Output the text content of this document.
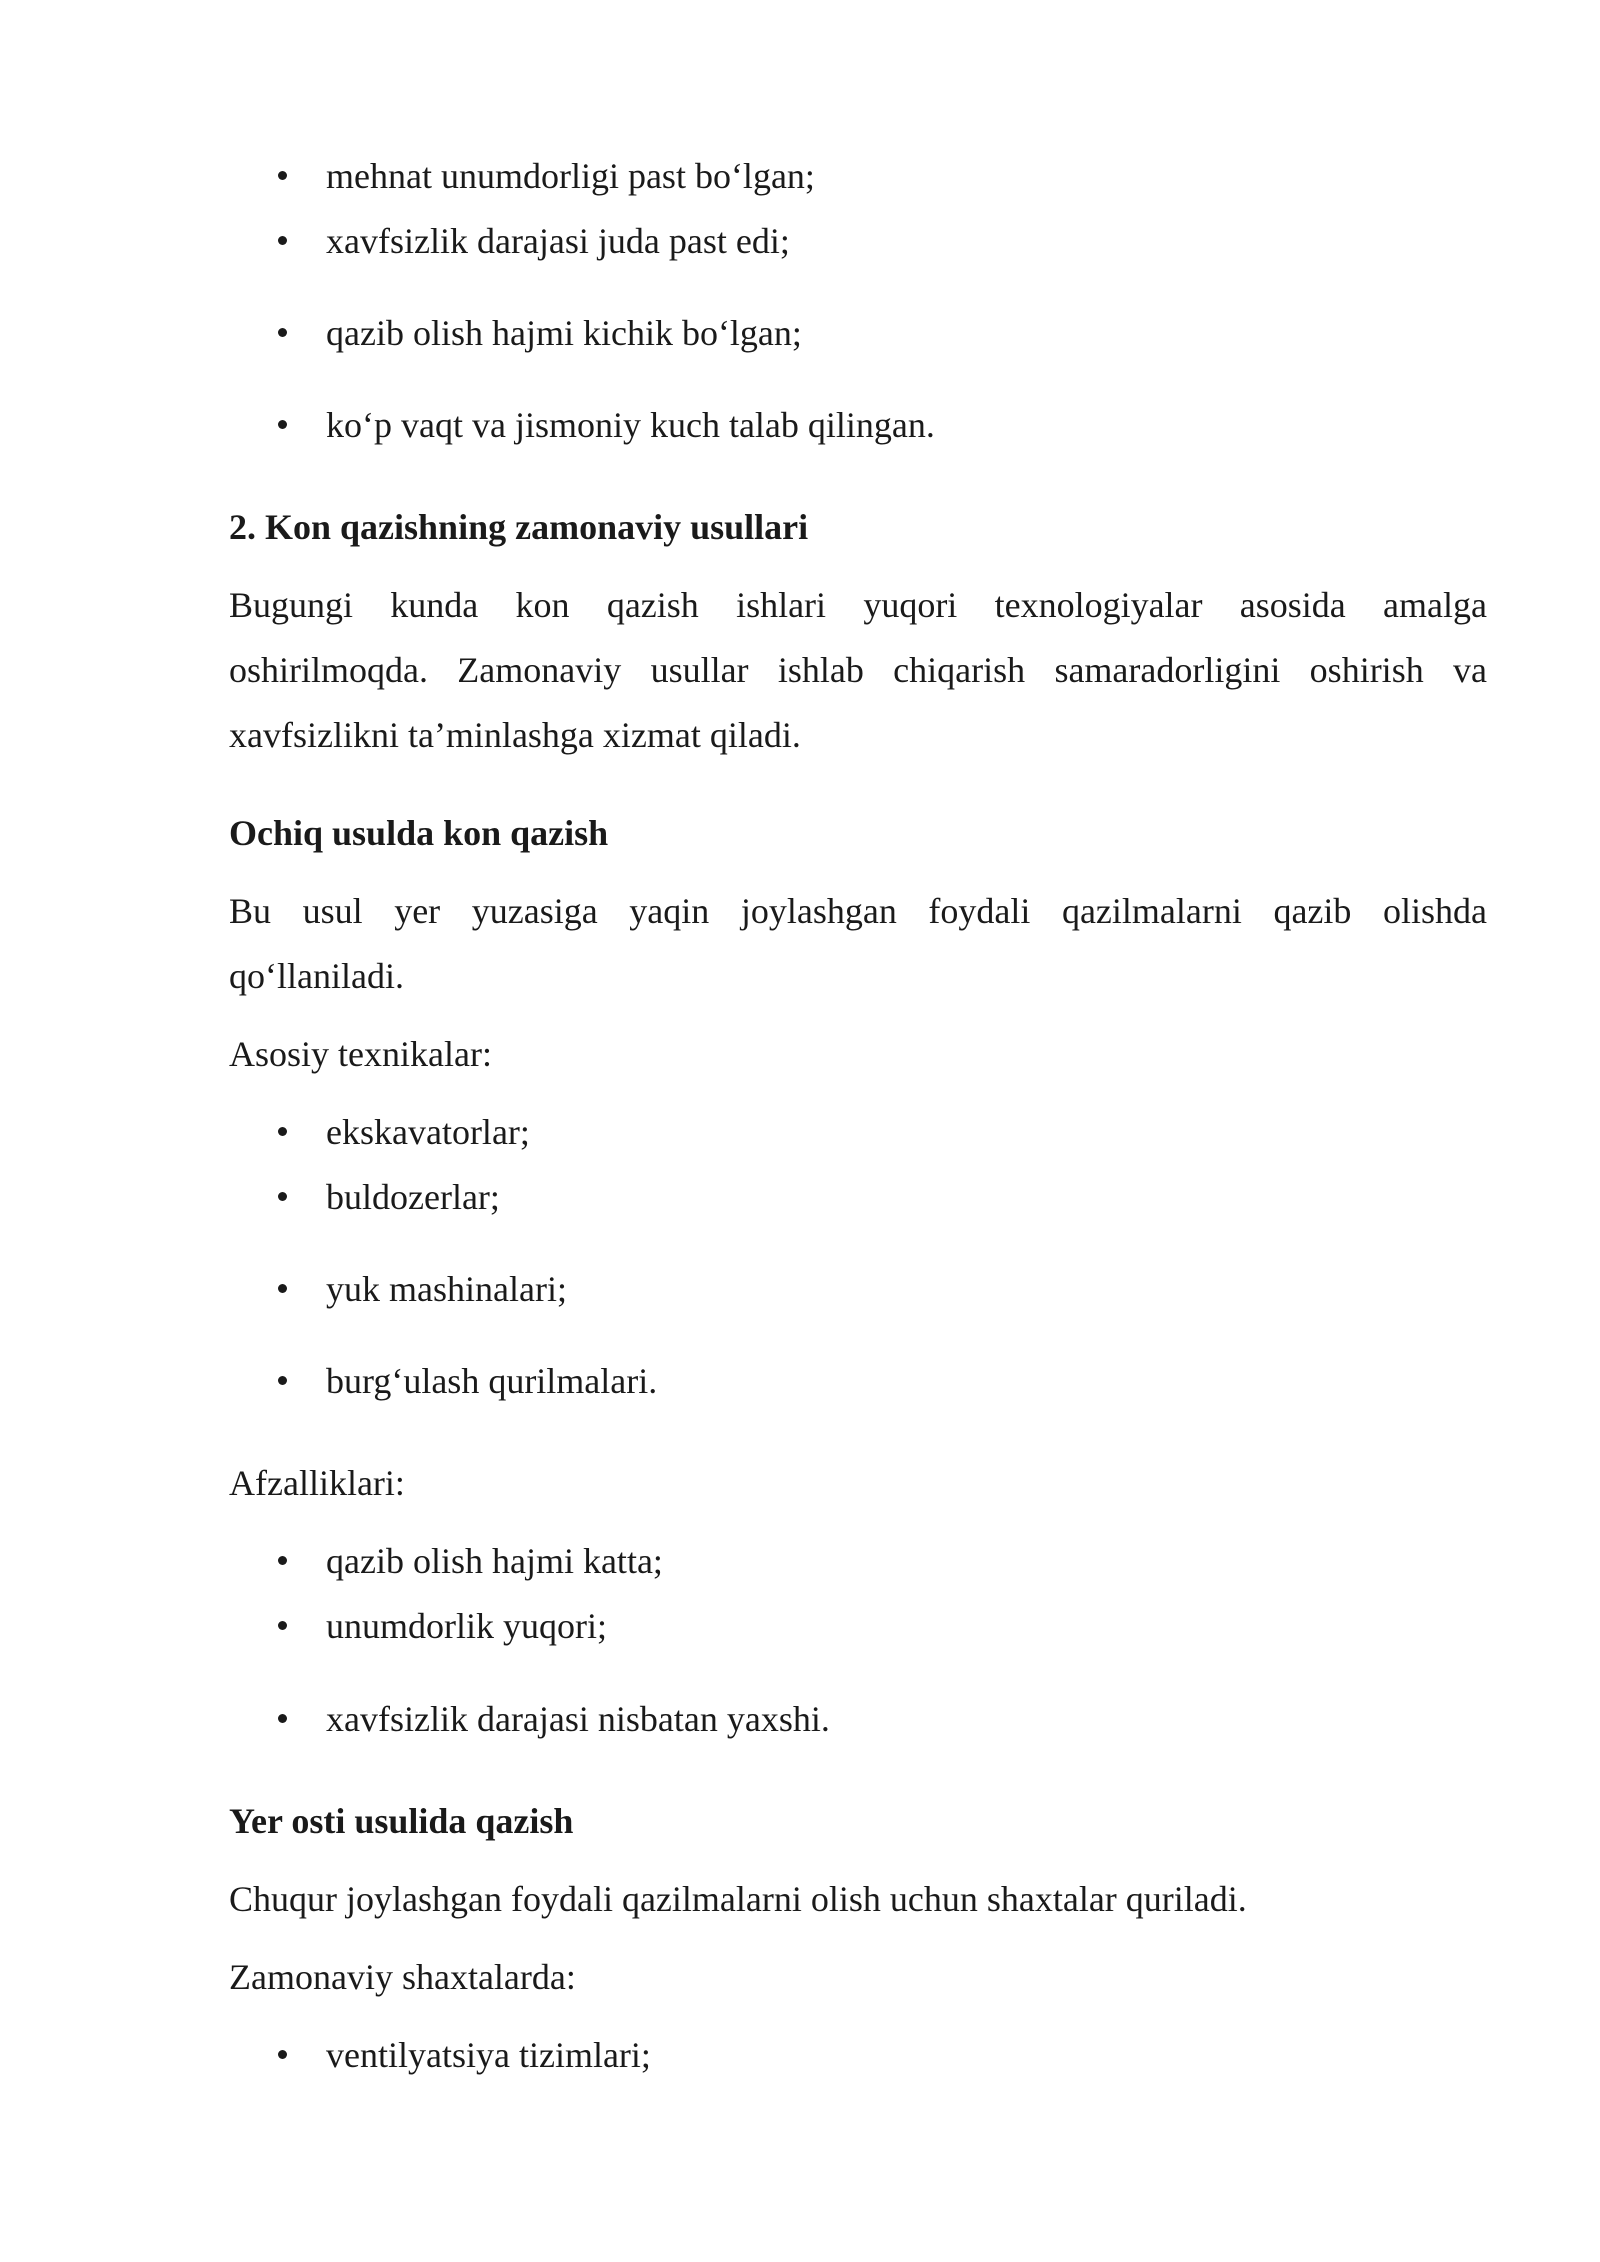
mehnat unumdorligi past bo‘lgan;
xavfsizlik darajasi juda past edi;
qazib olish hajmi kichik bo‘lgan;
ko‘p vaqt va jismoniy kuch talab qilingan.
2. Kon qazishning zamonaviy usullari
Bugungi kunda kon qazish ishlari yuqori texnologiyalar asosida amalga
oshirilmoqda. Zamonaviy usullar ishlab chiqarish samaradorligini oshirish va
xavfsizlikni ta’minlashga xizmat qiladi.
Ochiq usulda kon qazish
Bu usul yer yuzasiga yaqin joylashgan foydali qazilmalarni qazib olishda
qo‘llaniladi.
Asosiy texnikalar:
ekskavatorlar;
buldozerlar;
yuk mashinalari;
burg‘ulash qurilmalari.
Afzalliklari:
qazib olish hajmi katta;
unumdorlik yuqori;
xavfsizlik darajasi nisbatan yaxshi.
Yer osti usulida qazish
Chuqur joylashgan foydali qazilmalarni olish uchun shaxtalar quriladi.
Zamonaviy shaxtalarda:
ventilyatsiya tizimlari;
